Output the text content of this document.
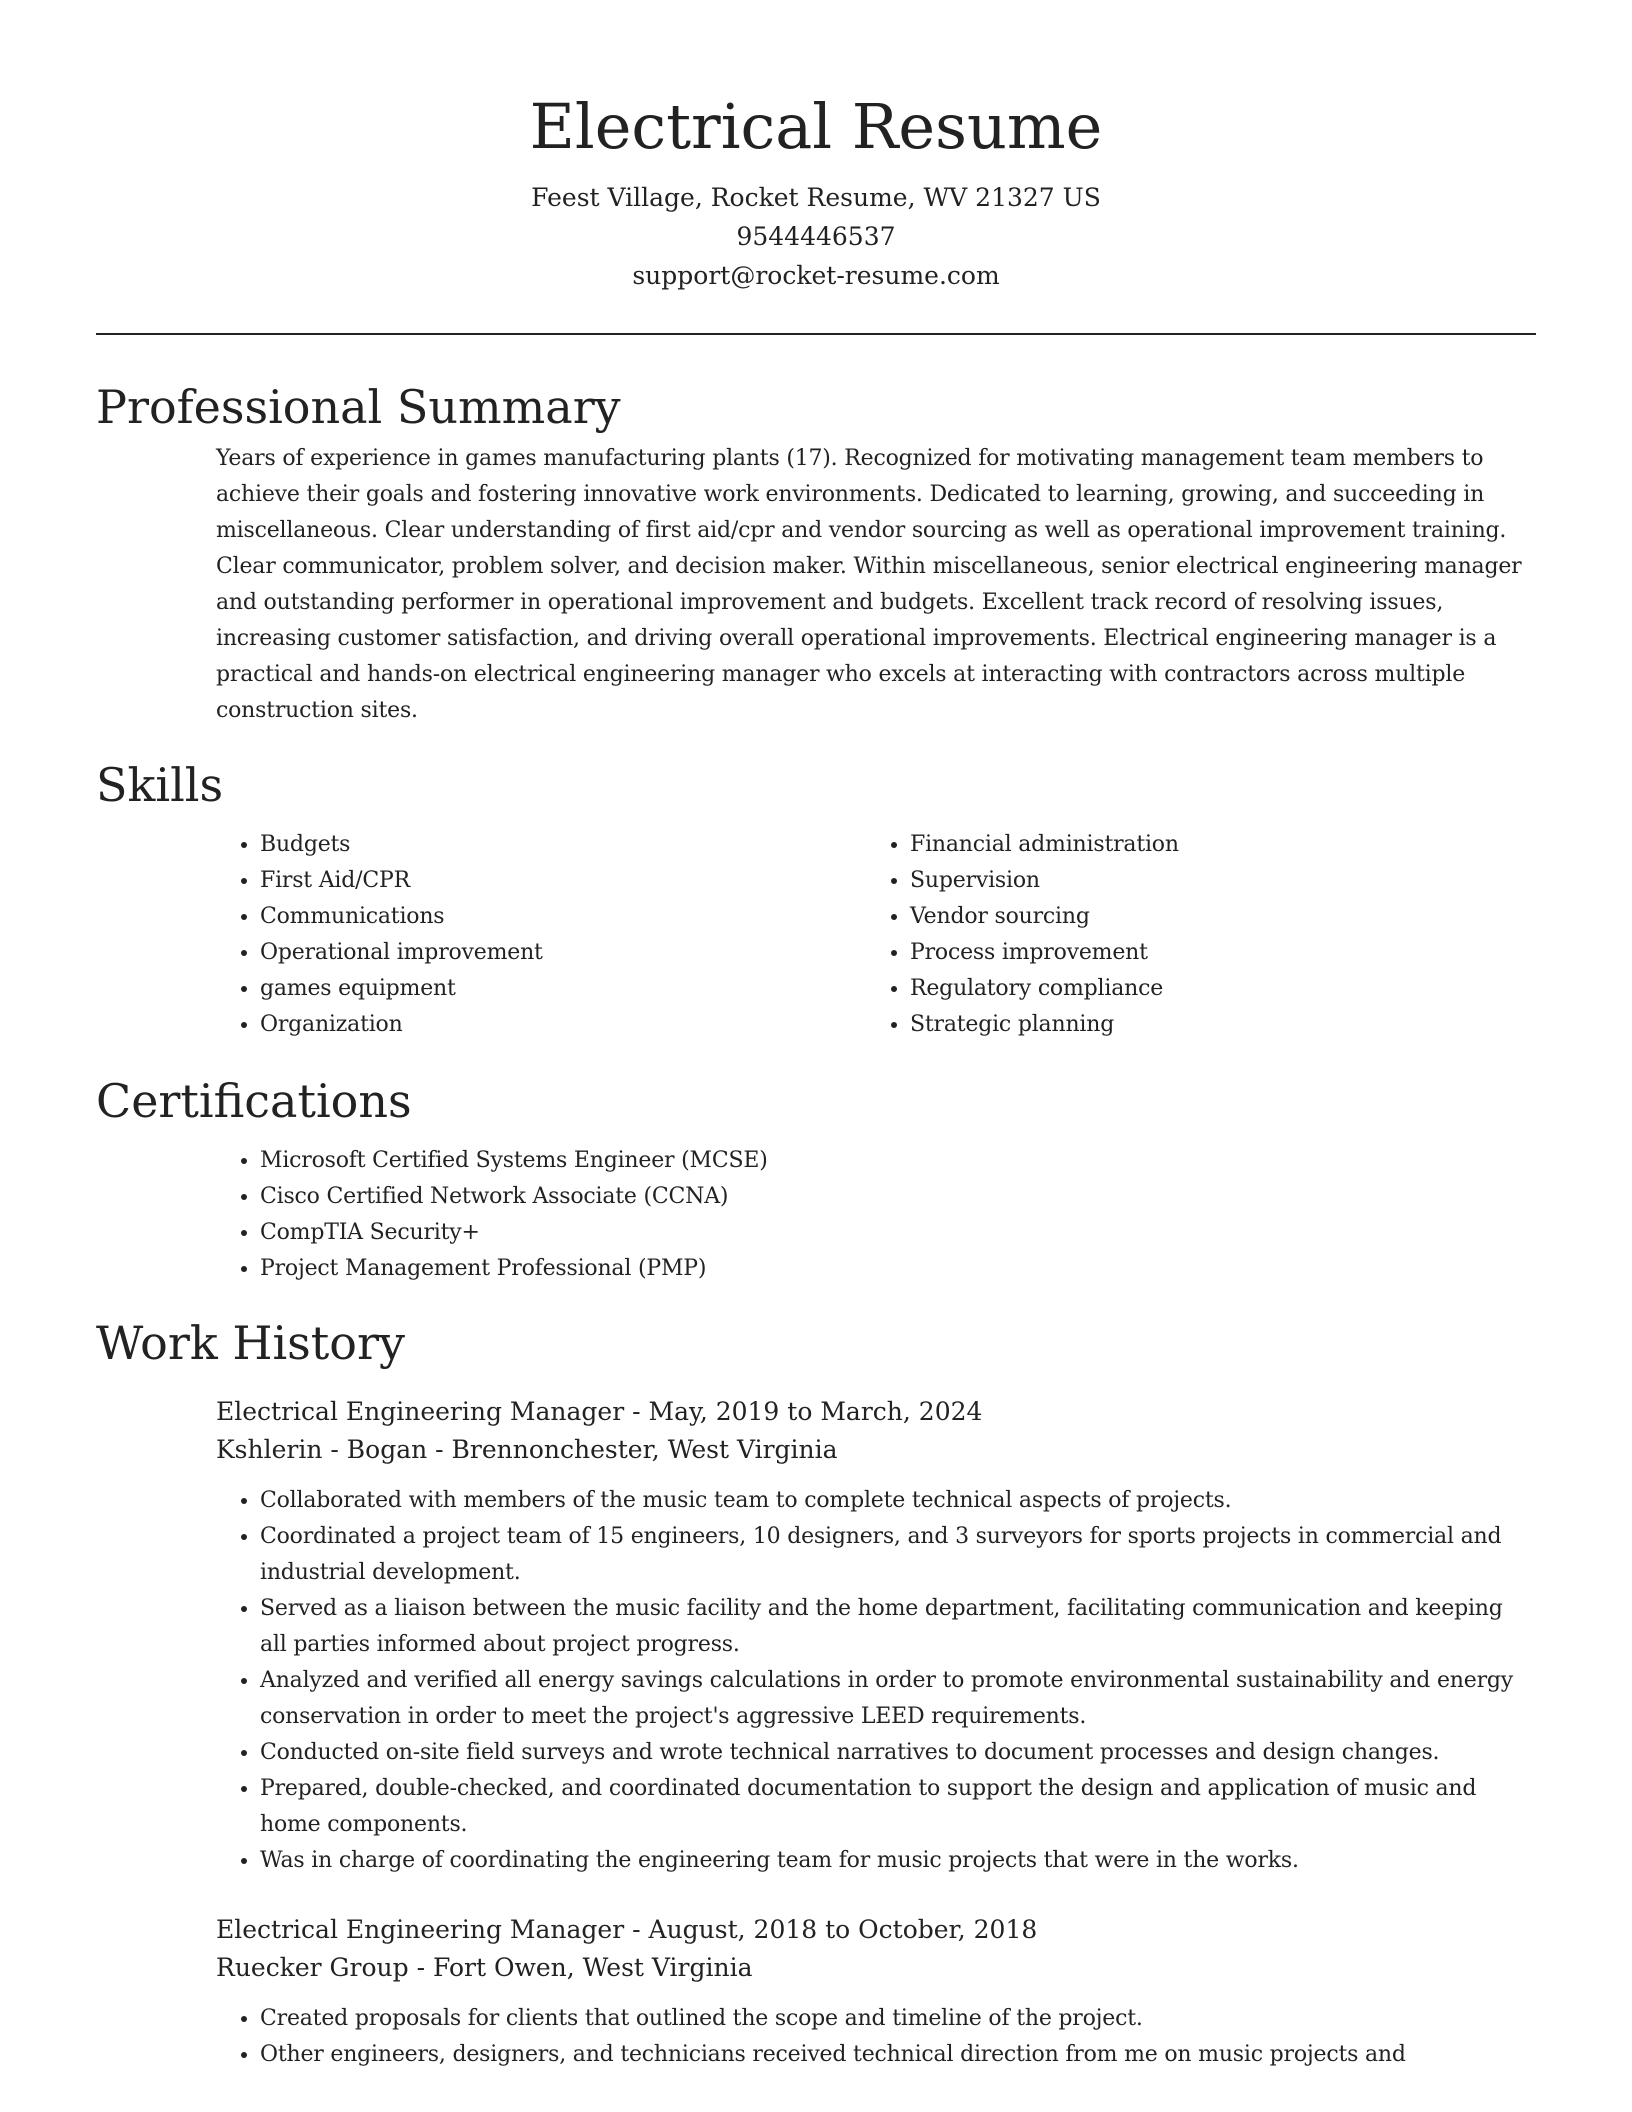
Electrical Resume
Feest Village, Rocket Resume, WV 21327 US
9544446537
support@rocket-resume.com
Professional Summary

Years of experience in games manufacturing plants (17). Recognized for motivating management team members to achieve their goals and fostering innovative work environments. Dedicated to learning, growing, and succeeding in miscellaneous. Clear understanding of first aid/cpr and vendor sourcing as well as operational improvement training. Clear communicator, problem solver, and decision maker. Within miscellaneous, senior electrical engineering manager and outstanding performer in operational improvement and budgets. Excellent track record of resolving issues, increasing customer satisfaction, and driving overall operational improvements. Electrical engineering manager is a practical and hands-on electrical engineering manager who excels at interacting with contractors across multiple construction sites.

Skills
• Budgets
• First Aid/CPR
• Communications
• Operational improvement
• games equipment
• Organization
• Financial administration
• Supervision
• Vendor sourcing
• Process improvement
• Regulatory compliance
• Strategic planning
Certifications
• Microsoft Certified Systems Engineer (MCSE)
• Cisco Certified Network Associate (CCNA)
• CompTIA Security+
• Project Management Professional (PMP)
Work History
Electrical Engineering Manager - May, 2019 to March, 2024
Kshlerin - Bogan - Brennonchester, West Virginia
• Collaborated with members of the music team to complete technical aspects of projects.
• Coordinated a project team of 15 engineers, 10 designers, and 3 surveyors for sports projects in commercial and industrial development.
• Served as a liaison between the music facility and the home department, facilitating communication and keeping all parties informed about project progress.
• Analyzed and verified all energy savings calculations in order to promote environmental sustainability and energy conservation in order to meet the project's aggressive LEED requirements.
• Conducted on-site field surveys and wrote technical narratives to document processes and design changes.
• Prepared, double-checked, and coordinated documentation to support the design and application of music and home components.
• Was in charge of coordinating the engineering team for music projects that were in the works.
Electrical Engineering Manager - August, 2018 to October, 2018
Ruecker Group - Fort Owen, West Virginia
• Created proposals for clients that outlined the scope and timeline of the project.
• Other engineers, designers, and technicians received technical direction from me on music projects and
